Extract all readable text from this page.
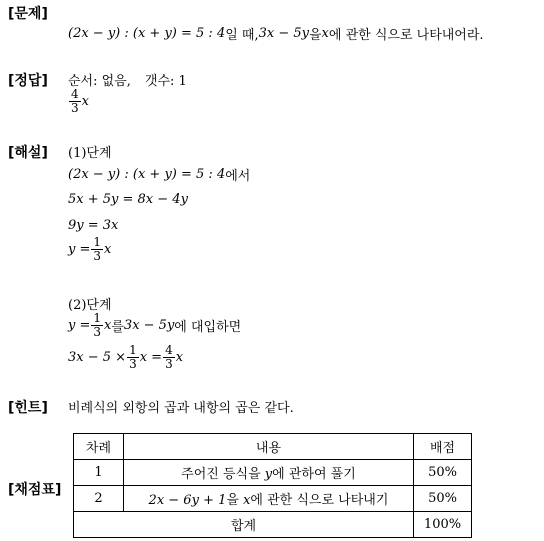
[문제]
(2x − y) : (x + y) = 5 : 4 일 때, 3x − 5y 을 x 에 관한 식으로 나타내어라.
[정답] 순서: 없음, 갯수: 1
$\frac{4}{3}$ x
[해설] (1)단계
(2x − y) : (x + y) = 5 : 4 에서
5x + 5y = 8x − 4y
9y = 3x
$y = \frac{1}{3}$ x
(2)단계
$y = \frac{1}{3}$ x 를 3x − 5y 에 대입하면
$3x - 5 \times \frac{1}{3}$ $x = \frac{4}{3}$ x
[힌트] 비례식의 외항의 곱과 내항의 곱은 같다.
[채점표]
차례	내용	배점
1	주어진 등식을 y에 관하여 풀기	50%
2	2x − 6y + 1을 x에 관한 식으로 나타내기	50%
합계		100%
